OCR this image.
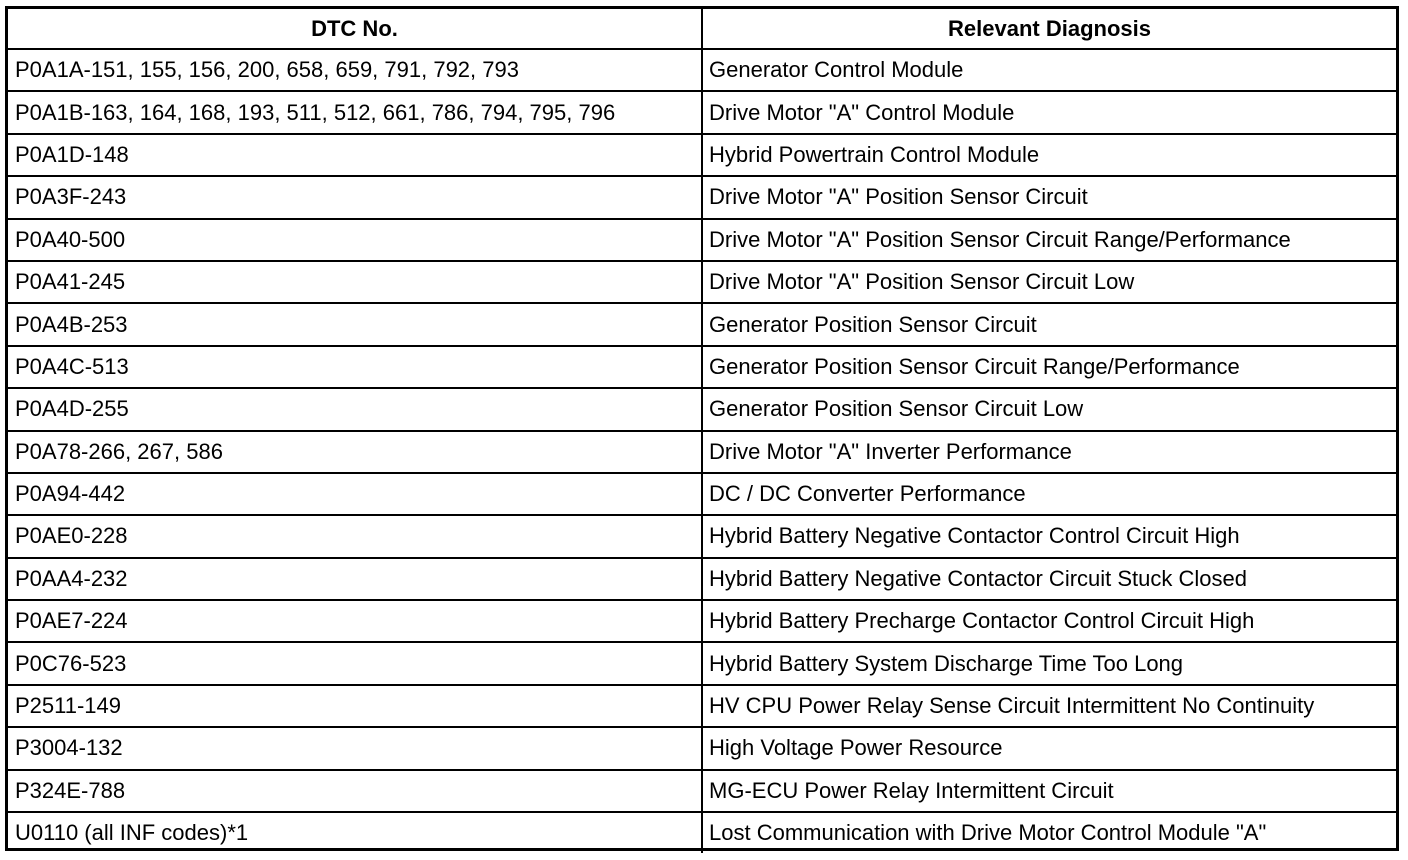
DTC No.	Relevant Diagnosis
P0A1A-151, 155, 156, 200, 658, 659, 791, 792, 793	Generator Control Module
P0A1B-163, 164, 168, 193, 511, 512, 661, 786, 794, 795, 796	Drive Motor "A" Control Module
P0A1D-148	Hybrid Powertrain Control Module
P0A3F-243	Drive Motor "A" Position Sensor Circuit
P0A40-500	Drive Motor "A" Position Sensor Circuit Range/Performance
P0A41-245	Drive Motor "A" Position Sensor Circuit Low
P0A4B-253	Generator Position Sensor Circuit
P0A4C-513	Generator Position Sensor Circuit Range/Performance
P0A4D-255	Generator Position Sensor Circuit Low
P0A78-266, 267, 586	Drive Motor "A" Inverter Performance
P0A94-442	DC / DC Converter Performance
P0AE0-228	Hybrid Battery Negative Contactor Control Circuit High
P0AA4-232	Hybrid Battery Negative Contactor Circuit Stuck Closed
P0AE7-224	Hybrid Battery Precharge Contactor Control Circuit High
P0C76-523	Hybrid Battery System Discharge Time Too Long
P2511-149	HV CPU Power Relay Sense Circuit Intermittent No Continuity
P3004-132	High Voltage Power Resource
P324E-788	MG-ECU Power Relay Intermittent Circuit
U0110 (all INF codes)*1	Lost Communication with Drive Motor Control Module "A"
